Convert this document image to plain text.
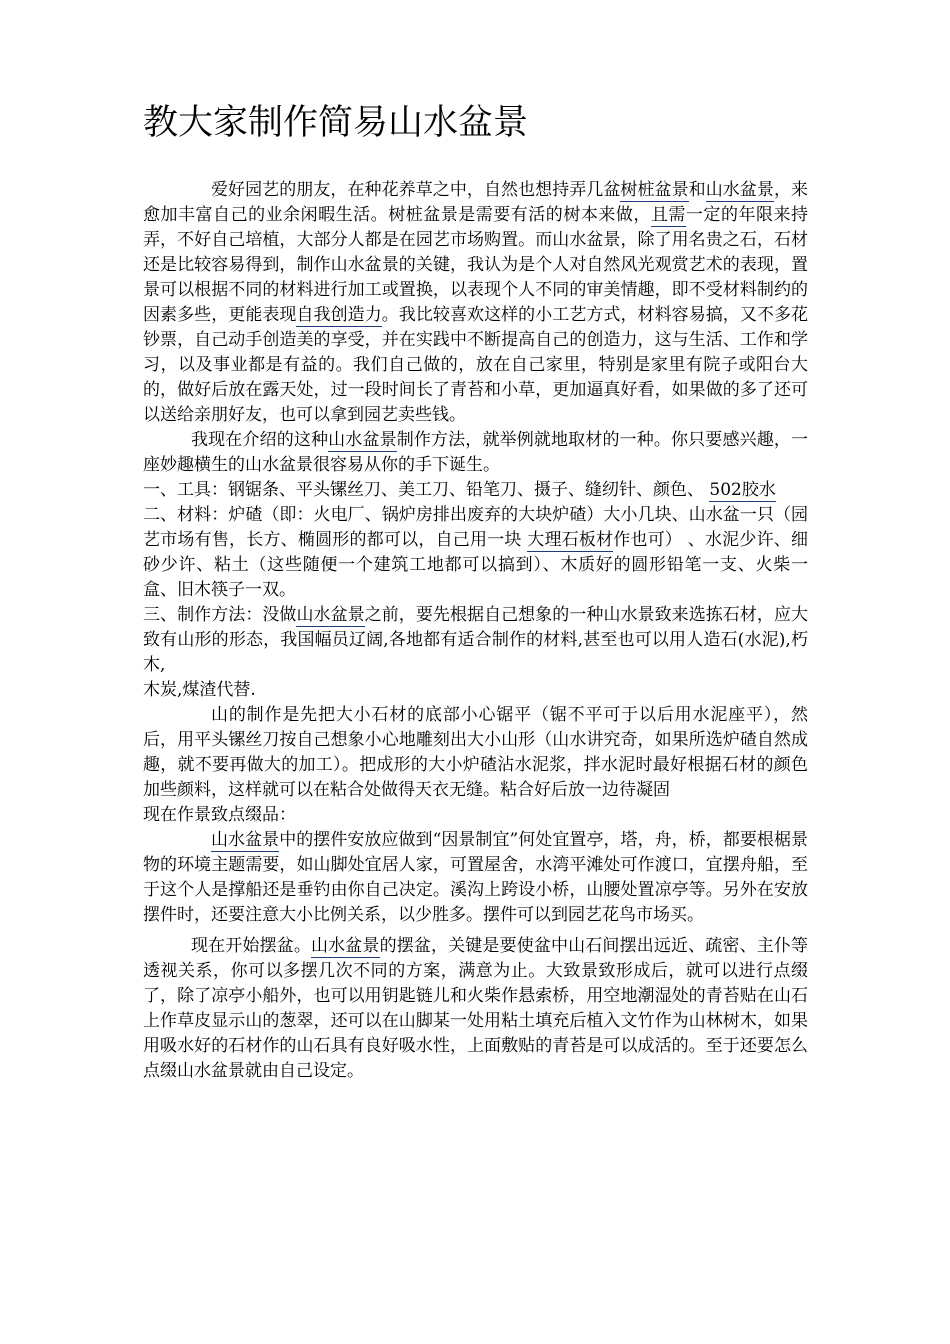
教大家制作简易山水盆景

爱好园艺的朋友，在种花养草之中，自然也想持弄几盆树桩盆景和山水盆景，来愈加丰富自己的业余闲暇生活。树桩盆景是需要有活的树本来做，且需一定的年限来持弄，不好自己培植，大部分人都是在园艺市场购置。而山水盆景，除了用名贵之石，石材还是比较容易得到，制作山水盆景的关键，我认为是个人对自然风光观赏艺术的表现，置景可以根据不同的材料进行加工或置换，以表现个人不同的审美情趣，即不受材料制约的因素多些，更能表现自我创造力。我比较喜欢这样的小工艺方式，材料容易搞，又不多花钞票，自己动手创造美的享受，并在实践中不断提高自己的创造力，这与生活、工作和学习，以及事业都是有益的。我们自己做的，放在自己家里，特别是家里有院子或阳台大的，做好后放在露天处，过一段时间长了青苔和小草，更加逼真好看，如果做的多了还可以送给亲朋好友，也可以拿到园艺卖些钱。

我现在介绍的这种山水盆景制作方法，就举例就地取材的一种。你只要感兴趣，一座妙趣横生的山水盆景很容易从你的手下诞生。

一、工具：钢锯条、平头镙丝刀、美工刀、铅笔刀、摄子、缝纫针、颜色、 502胶水

二、材料：炉碴（即：火电厂、锅炉房排出废弃的大块炉碴）大小几块、山水盆一只（园艺市场有售，长方、椭圆形的都可以，自己用一块 大理石板材作也可） 、水泥少许、细砂少许、粘土（这些随便一个建筑工地都可以搞到）、木质好的圆形铅笔一支、火柴一盒、旧木筷子一双。

三、制作方法：没做山水盆景之前，要先根据自己想象的一种山水景致来选拣石材，应大致有山形的形态，我国幅员辽阔,各地都有适合制作的材料,甚至也可以用人造石(水泥),朽木,

木炭,煤渣代替.

山的制作是先把大小石材的底部小心锯平（锯不平可于以后用水泥座平），然后，用平头镙丝刀按自己想象小心地雕刻出大小山形（山水讲究奇，如果所选炉碴自然成趣，就不要再做大的加工）。把成形的大小炉碴沾水泥浆，拌水泥时最好根据石材的颜色加些颜料，这样就可以在粘合处做得天衣无缝。粘合好后放一边待凝固

现在作景致点缀品：

山水盆景中的摆件安放应做到“因景制宜”何处宜置亭，塔，舟，桥，都要根椐景物的环境主题需要，如山脚处宜居人家，可置屋舍，水湾平滩处可作渡口，宜摆舟船，至于这个人是撑船还是垂钓由你自己决定。溪沟上跨设小桥，山腰处置凉亭等。另外在安放摆件时，还要注意大小比例关系，以少胜多。摆件可以到园艺花鸟市场买。

现在开始摆盆。山水盆景的摆盆，关键是要使盆中山石间摆出远近、疏密、主仆等透视关系，你可以多摆几次不同的方案，满意为止。大致景致形成后，就可以进行点缀了，除了凉亭小船外，也可以用钥匙链儿和火柴作悬索桥，用空地潮湿处的青苔贴在山石上作草皮显示山的葱翠，还可以在山脚某一处用粘土填充后植入文竹作为山林树木，如果用吸水好的石材作的山石具有良好吸水性，上面敷贴的青苔是可以成活的。至于还要怎么点缀山水盆景就由自己设定。
